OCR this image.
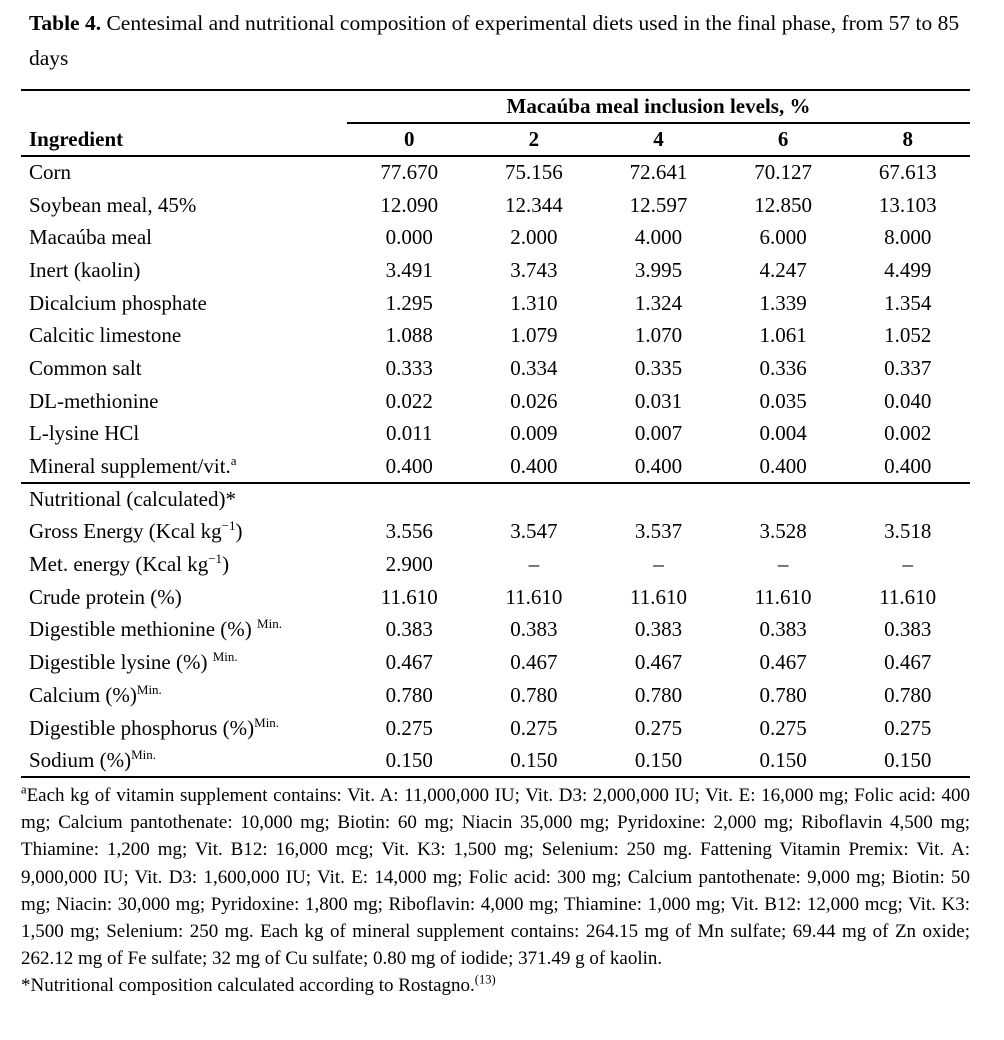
Table 4. Centesimal and nutritional composition of experimental diets used in the final phase, from 57 to 85 days

	Macaúba meal inclusion levels, %				
Ingredient	0	2	4	6	8
Corn	77.670	75.156	72.641	70.127	67.613
Soybean meal, 45%	12.090	12.344	12.597	12.850	13.103
Macaúba meal	0.000	2.000	4.000	6.000	8.000
Inert (kaolin)	3.491	3.743	3.995	4.247	4.499
Dicalcium phosphate	1.295	1.310	1.324	1.339	1.354
Calcitic limestone	1.088	1.079	1.070	1.061	1.052
Common salt	0.333	0.334	0.335	0.336	0.337
DL-methionine	0.022	0.026	0.031	0.035	0.040
L-lysine HCl	0.011	0.009	0.007	0.004	0.002
Mineral supplement/vit.$^a$	0.400	0.400	0.400	0.400	0.400
Nutritional (calculated)*					
Gross Energy (Kcal $kg^{-1}$)	3.556	3.547	3.537	3.528	3.518
Met. energy (Kcal $kg^{-1}$)	2.900	–	–	–	–
Crude protein (%)	11.610	11.610	11.610	11.610	11.610
Digestible methionine (%) $^{Min.}$	0.383	0.383	0.383	0.383	0.383
Digestible lysine (%) $^{Min.}$	0.467	0.467	0.467	0.467	0.467
Calcium (%)$^{Min.}$	0.780	0.780	0.780	0.780	0.780
Digestible phosphorus (%)$^{Min.}$	0.275	0.275	0.275	0.275	0.275
Sodium (%)$^{Min.}$	0.150	0.150	0.150	0.150	0.150

$^a$Each kg of vitamin supplement contains: Vit. A: 11,000,000 IU; Vit. D3: 2,000,000 IU; Vit. E: 16,000 mg; Folic acid: 400 mg; Calcium pantothenate: 10,000 mg; Biotin: 60 mg; Niacin 35,000 mg; Pyridoxine: 2,000 mg; Riboflavin 4,500 mg; Thiamine: 1,200 mg; Vit. B12: 16,000 mcg; Vit. K3: 1,500 mg; Selenium: 250 mg. Fattening Vitamin Premix: Vit. A: 9,000,000 IU; Vit. D3: 1,600,000 IU; Vit. E: 14,000 mg; Folic acid: 300 mg; Calcium pantothenate: 9,000 mg; Biotin: 50 mg; Niacin: 30,000 mg; Pyridoxine: 1,800 mg; Riboflavin: 4,000 mg; Thiamine: 1,000 mg; Vit. B12: 12,000 mcg; Vit. K3: 1,500 mg; Selenium: 250 mg. Each kg of mineral supplement contains: 264.15 mg of Mn sulfate; 69.44 mg of Zn oxide; 262.12 mg of Fe sulfate; 32 mg of Cu sulfate; 0.80 mg of iodide; 371.49 g of kaolin.

*Nutritional composition calculated according to Rostagno.$^{(13)}$
